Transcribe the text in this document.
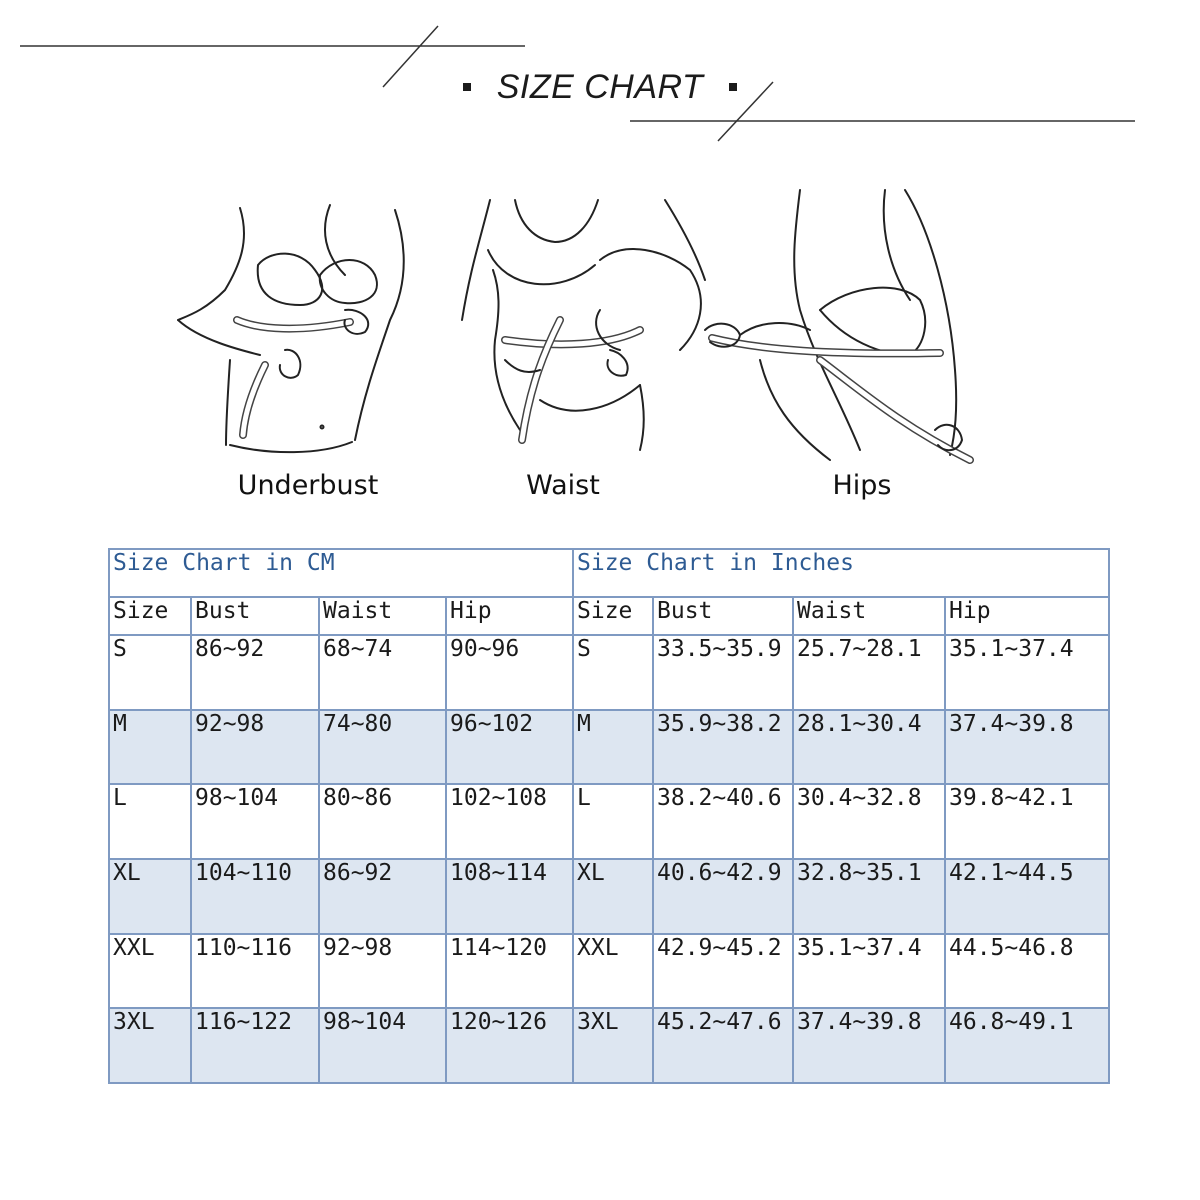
SIZE CHART
Underbust	Waist	Hips
Size Chart in CM				Size Chart in Inches			
Size	Bust	Waist	Hip	Size	Bust	Waist	Hip
S	86~92	68~74	90~96	S	33.5~35.9	25.7~28.1	35.1~37.4
M	92~98	74~80	96~102	M	35.9~38.2	28.1~30.4	37.4~39.8
L	98~104	80~86	102~108	L	38.2~40.6	30.4~32.8	39.8~42.1
XL	104~110	86~92	108~114	XL	40.6~42.9	32.8~35.1	42.1~44.5
XXL	110~116	92~98	114~120	XXL	42.9~45.2	35.1~37.4	44.5~46.8
3XL	116~122	98~104	120~126	3XL	45.2~47.6	37.4~39.8	46.8~49.1
